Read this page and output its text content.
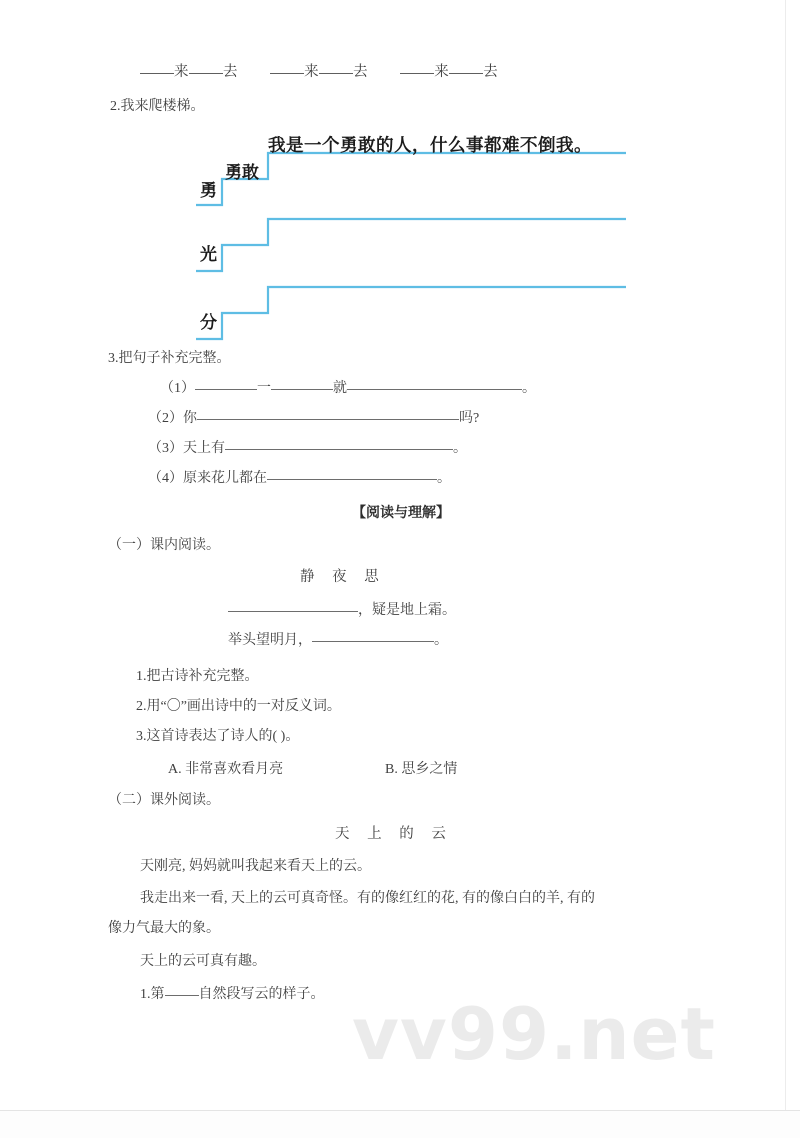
来 去	来 去	来 去
2.我来爬楼梯。
我是一个勇敢的人，什么事都难不倒我。
勇敢
勇
光
分
3.把句子补充完整。
（1）	一	就	。
（2）你	吗?
（3）天上有	。
（4）原来花儿都在	。
【阅读与理解】
（一）课内阅读。
静 夜 思
，疑是地上霜。
举头望明月，	。
1.把古诗补充完整。
2.用“〇”画出诗中的一对反义词。
3.这首诗表达了诗人的( )。
A. 非常喜欢看月亮	B. 思乡之情
（二）课外阅读。
天 上 的 云
天刚亮, 妈妈就叫我起来看天上的云。
我走出来一看, 天上的云可真奇怪。有的像红红的花, 有的像白白的羊, 有的
像力气最大的象。
天上的云可真有趣。
1.第 自然段写云的样子。 vv99.net
